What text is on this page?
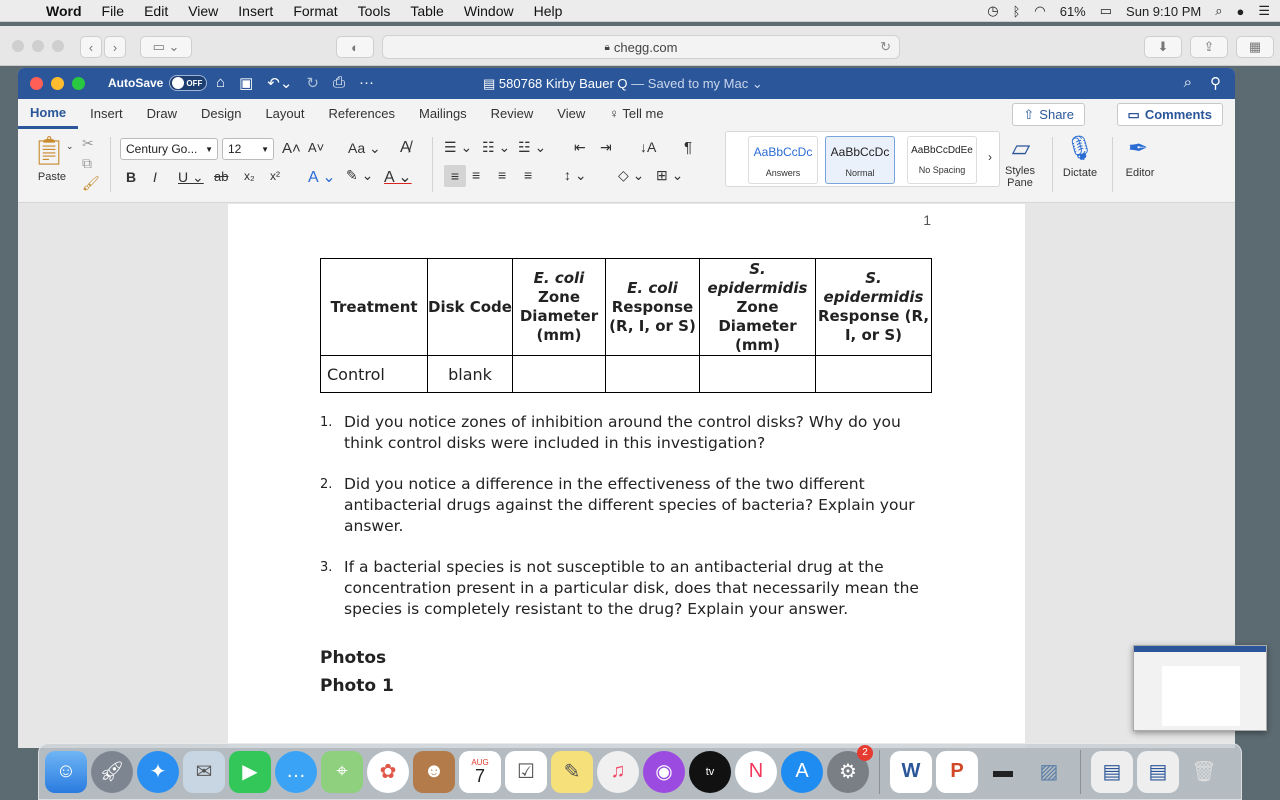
Word	File	Edit	View	Insert	Format	Tools	Table	Window	Help	◷ ᛒ ◠ 61% ▭ Sun 9:10 PM ⌕ ● ☰
‹	›	▭ ⌄	◐	🔒︎ chegg.com	↻	⬇	⇪	▦
AutoSave	OFF ⌂ ▣ ↶⌄ ↻ ⎙ ···	▤ 580768 Kirby Bauer Q — Saved to my Mac ⌄	⌕ ⚲
Home	Insert	Draw	Design	Layout	References	Mailings	Review	View	♀ Tell me	⇧ Share	▭ Comments
📋︎ ⌄
Paste
✂
⧉
🖌︎
Century Go... ▼ 12 ▼ A˄ A˅ Aa ⌄ A̸
B I U ⌄ ab x₂ x² A ⌄ ✎ ⌄ A ⌄
☰ ⌄ ☷ ⌄ ☳ ⌄ ⇤ ⇥ ↓A ¶
≡ ≡ ≡ ≡ ↕ ⌄ ◇ ⌄ ⊞ ⌄
AaBbCcDc
Answers
AaBbCcDc
Normal
AaBbCcDdEe
No Spacing
› ▱
Styles Pane
🎙︎
Dictate
✒
Editor
1
Treatment	Disk Code	E. coli
Zone Diameter (mm)	E. coli
Response (R, I, or S)	S. epidermidis
Zone Diameter (mm)	S. epidermidis
Response (R, I, or S)

Control	blank				
1. Did you notice zones of inhibition around the control disks? Why do you think control disks were included in this investigation?
2. Did you notice a difference in the effectiveness of the two different antibacterial drugs against the different species of bacteria? Explain your answer.
3. If a bacterial species is not susceptible to an antibacterial drug at the concentration present in a particular disk, does that necessarily mean the species is completely resistant to the drug? Explain your answer.
Photos
Photo 1
☺	🚀︎	✦	✉	▶	…	⌖	✿	☻	AUG
7	☑	✎	♫	◉	tv	N	A	⚙
2
W	P	▬	▨	▤	▤	🗑︎
